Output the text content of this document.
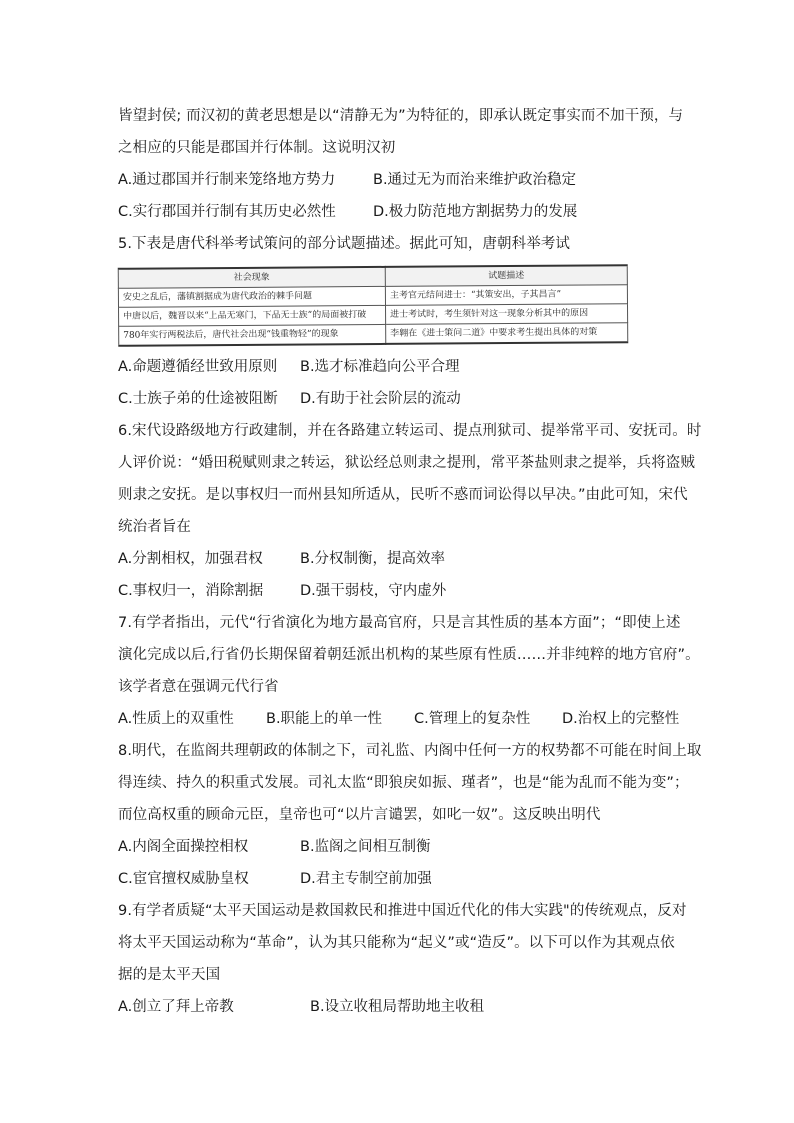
皆望封侯; 而汉初的黄老思想是以“清静无为”为特征的，即承认既定事实而不加干预，与
之相应的只能是郡国并行体制。这说明汉初
A.通过郡国并行制来笼络地方势力	B.通过无为而治来维护政治稳定
C.实行郡国并行制有其历史必然性	D.极力防范地方割据势力的发展
5.下表是唐代科举考试策问的部分试题描述。据此可知，唐朝科举考试
社会现象	试题描述
安史之乱后，藩镇割据成为唐代政治的棘手问题	主考官元结问进士：“其策安出，子其昌言”
中唐以后，魏晋以来“上品无寒门，下品无士族”的局面被打破	进士考试时，考生须针对这一现象分析其中的原因
780年实行两税法后，唐代社会出现“钱重物轻”的现象	李翱在《进士策问二道》中要求考生提出具体的对策
A.命题遵循经世致用原则	B.选才标准趋向公平合理
C.士族子弟的仕途被阻断	D.有助于社会阶层的流动
6.宋代设路级地方行政建制，并在各路建立转运司、提点刑狱司、提举常平司、安抚司。时
人评价说：“婚田税赋则隶之转运，狱讼经总则隶之提刑，常平茶盐则隶之提举，兵将盗贼
则隶之安抚。是以事权归一而州县知所适从，民听不惑而词讼得以早决。”由此可知，宋代
统治者旨在
A.分割相权，加强君权	B.分权制衡，提高效率
C.事权归一，消除割据	D.强干弱枝，守内虚外
7.有学者指出，元代“行省演化为地方最高官府，只是言其性质的基本方面”；“即使上述
演化完成以后,行省仍长期保留着朝廷派出机构的某些原有性质……并非纯粹的地方官府”。
该学者意在强调元代行省
A.性质上的双重性	B.职能上的单一性	C.管理上的复杂性	D.治权上的完整性
8.明代，在监阁共理朝政的体制之下，司礼监、内阁中任何一方的权势都不可能在时间上取
得连续、持久的积重式发展。司礼太监“即狼戾如振、瑾者”，也是“能为乱而不能为变”；
而位高权重的顾命元臣，皇帝也可“以片言谴罢，如叱一奴”。这反映出明代
A.内阁全面操控相权	B.监阁之间相互制衡
C.宦官擅权威胁皇权	D.君主专制空前加强
9.有学者质疑“太平天国运动是救国救民和推进中国近代化的伟大实践"的传统观点，反对
将太平天国运动称为“革命”，认为其只能称为“起义”或“造反”。以下可以作为其观点依
据的是太平天国
A.创立了拜上帝教	B.设立收租局帮助地主收租
